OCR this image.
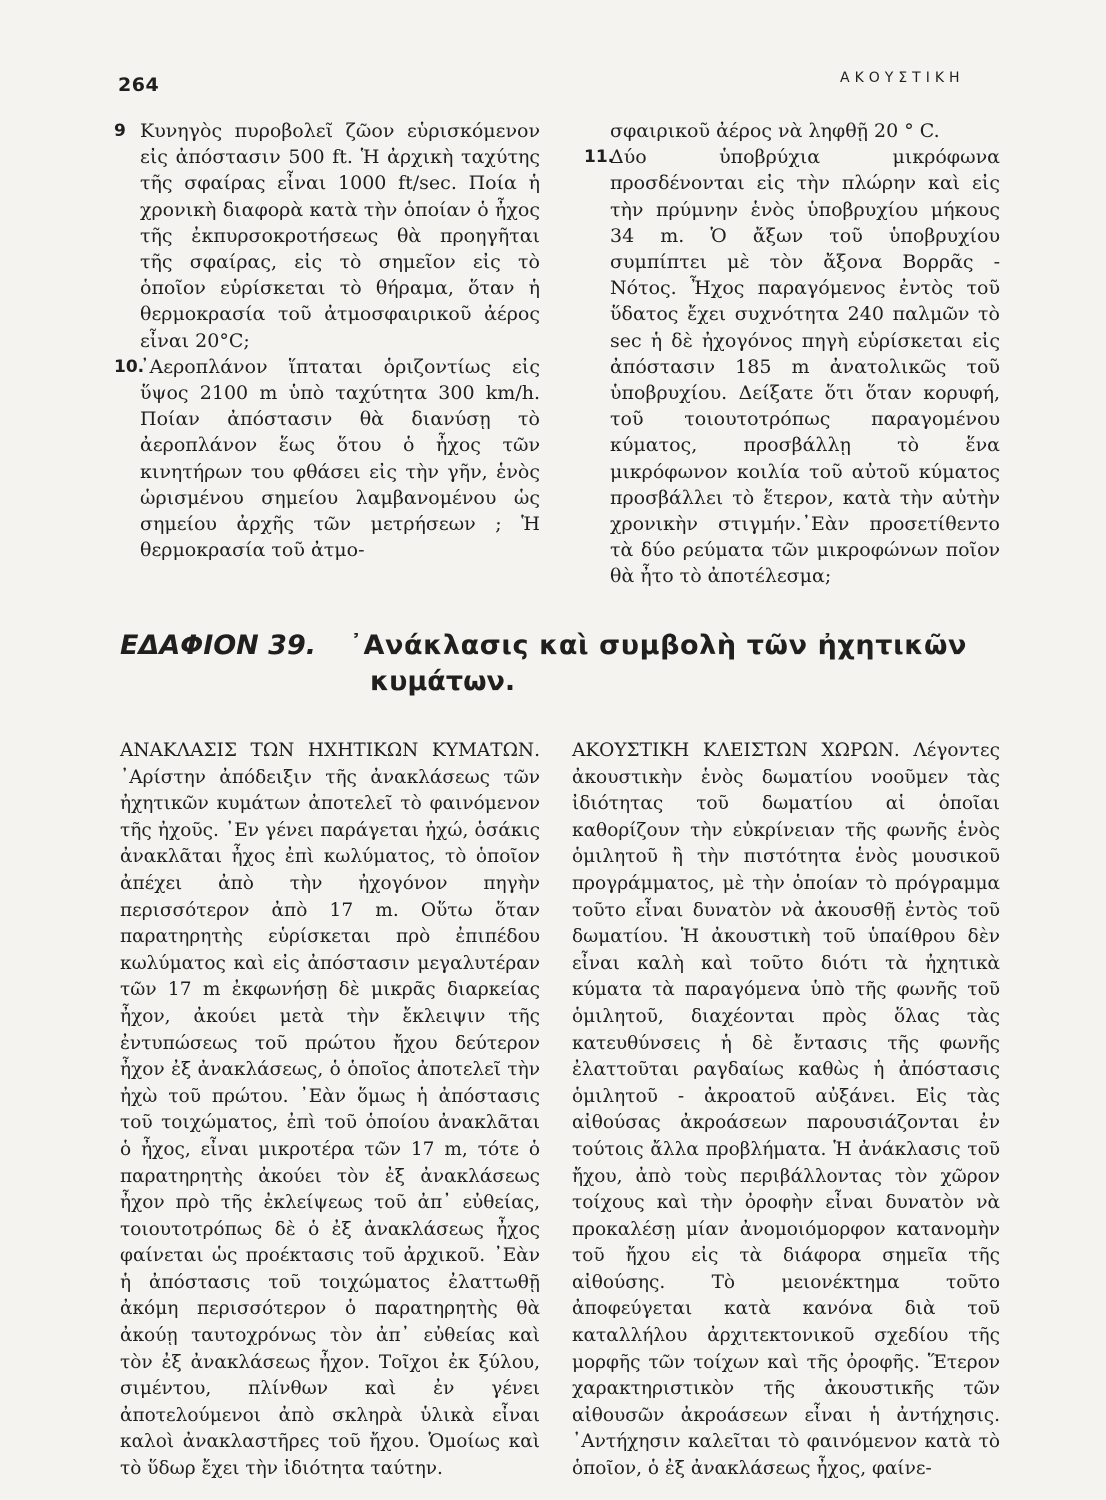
264	ΑΚΟΥΣΤΙΚΗ
9 Κυνηγὸς πυροβολεῖ ζῶον εὑρισκόμενον εἰς ἀπόστασιν 500 ft. Ἡ ἀρχικὴ ταχύτης τῆς σφαίρας εἶναι 1000 ft/sec. Ποία ἡ χρονικὴ διαφορὰ κατὰ τὴν ὁποίαν ὁ ἦχος τῆς ἐκπυρσοκροτήσεως θὰ προηγῆται τῆς σφαίρας, εἰς τὸ σημεῖον εἰς τὸ ὁποῖον εὑρίσκεται τὸ θήραμα, ὅταν ἡ θερμοκρασία τοῦ ἀτμοσφαιρικοῦ ἀέρος εἶναι 20°C;

10.

᾿Αεροπλάνον ἵπταται ὁριζοντίως εἰς ὕψος 2100 m ὑπὸ ταχύτητα 300 km/h. Ποίαν ἀπόστασιν θὰ διανύσῃ τὸ ἀεροπλάνον ἕως ὅτου ὁ ἦχος τῶν κινητήρων του φθάσει εἰς τὴν γῆν, ἑνὸς ὡρισμένου σημείου λαμβανομένου ὡς σημείου ἀρχῆς τῶν μετρήσεων ; Ἡ θερμοκρασία τοῦ ἀτμο-

σφαιρικοῦ ἀέρος νὰ ληφθῇ 20 ° C.

11.

Δύο ὑποβρύχια μικρόφωνα προσδένονται εἰς τὴν πλώρην καὶ εἰς τὴν πρύμνην ἑνὸς ὑποβρυχίου μήκους 34 m. Ὁ ἄξων τοῦ ὑποβρυχίου συμπίπτει μὲ τὸν ἄξονα Βορρᾶς - Νότος. Ἦχος παραγόμενος ἐντὸς τοῦ ὕδατος ἔχει συχνότητα 240 παλμῶν τὸ sec ἡ δὲ ἠχογόνος πηγὴ εὑρίσκεται εἰς ἀπόστασιν 185 m ἀνατολικῶς τοῦ ὑποβρυχίου. Δείξατε ὅτι ὅταν κορυφή, τοῦ τοιουτοτρόπως παραγομένου κύματος, προσβάλλῃ τὸ ἕνα μικρόφωνον κοιλία τοῦ αὐτοῦ κύματος προσβάλλει τὸ ἕτερον, κατὰ τὴν αὐτὴν χρονικὴν στιγμήν.᾿Εὰν προσετίθεντο τὰ δύο ρεύματα τῶν μικροφώνων ποῖον θὰ ἦτο τὸ ἀποτέλεσμα;

ΕΔΑΦΙΟΝ 39. ᾿Ανάκλασις καὶ συμβολὴ τῶν ἠχητικῶν
κυμάτων.

ΑΝΑΚΛΑΣΙΣ ΤΩΝ ΗΧΗΤΙΚΩΝ ΚΥΜΑΤΩΝ. ᾿Αρίστην ἀπόδειξιν τῆς ἀνακλάσεως τῶν ἠχητικῶν κυμάτων ἀποτελεῖ τὸ φαινόμενον τῆς ἠχοῦς. ᾿Εν γένει παράγεται ἠχώ, ὁσάκις ἀνακλᾶται ἦχος ἐπὶ κωλύματος, τὸ ὁποῖον ἀπέχει ἀπὸ τὴν ἠχογόνον πηγὴν περισσότερον ἀπὸ 17 m. Οὕτω ὅταν παρατηρητὴς εὑρίσκεται πρὸ ἐπιπέδου κωλύματος καὶ εἰς ἀπόστασιν μεγαλυτέραν τῶν 17 m ἐκφωνήσῃ δὲ μικρᾶς διαρκείας ἦχον, ἀκούει μετὰ τὴν ἔκλειψιν τῆς ἐντυπώσεως τοῦ πρώτου ἤχου δεύτερον ἦχον ἐξ ἀνακλάσεως, ὁ ὁποῖος ἀποτελεῖ τὴν ἠχὼ τοῦ πρώτου. ᾿Εὰν ὅμως ἡ ἀπόστασις τοῦ τοιχώματος, ἐπὶ τοῦ ὁποίου ἀνακλᾶται ὁ ἦχος, εἶναι μικροτέρα τῶν 17 m, τότε ὁ παρατηρητὴς ἀκούει τὸν ἐξ ἀνακλάσεως ἦχον πρὸ τῆς ἐκλείψεως τοῦ ἀπ᾿ εὐθείας, τοιουτοτρόπως δὲ ὁ ἐξ ἀνακλάσεως ἦχος φαίνεται ὡς προέκτασις τοῦ ἀρχικοῦ. ᾿Εὰν ἡ ἀπόστασις τοῦ τοιχώματος ἐλαττωθῇ ἀκόμη περισσότερον ὁ παρατηρητὴς θὰ ἀκούῃ ταυτοχρόνως τὸν ἀπ᾿ εὐθείας καὶ τὸν ἐξ ἀνακλάσεως ἦχον. Τοῖχοι ἐκ ξύλου, σιμέντου, πλίνθων καὶ ἐν γένει ἀποτελούμενοι ἀπὸ σκληρὰ ὑλικὰ εἶναι καλοὶ ἀνακλαστῆρες τοῦ ἤχου. Ὁμοίως καὶ τὸ ὕδωρ ἔχει τὴν ἰδιότητα ταύτην.

ΑΚΟΥΣΤΙΚΗ ΚΛΕΙΣΤΩΝ ΧΩΡΩΝ. Λέγοντες ἀκουστικὴν ἑνὸς δωματίου νοοῦμεν τὰς ἰδιότητας τοῦ δωματίου αἱ ὁποῖαι καθορίζουν τὴν εὐκρίνειαν τῆς φωνῆς ἑνὸς ὁμιλητοῦ ἢ τὴν πιστότητα ἑνὸς μουσικοῦ προγράμματος, μὲ τὴν ὁποίαν τὸ πρόγραμμα τοῦτο εἶναι δυνατὸν νὰ ἀκουσθῇ ἐντὸς τοῦ δωματίου. Ἡ ἀκουστικὴ τοῦ ὑπαίθρου δὲν εἶναι καλὴ καὶ τοῦτο διότι τὰ ἠχητικὰ κύματα τὰ παραγόμενα ὑπὸ τῆς φωνῆς τοῦ ὁμιλητοῦ, διαχέονται πρὸς ὅλας τὰς κατευθύνσεις ἡ δὲ ἔντασις τῆς φωνῆς ἐλαττοῦται ραγδαίως καθὼς ἡ ἀπόστασις ὁμιλητοῦ - ἀκροατοῦ αὐξάνει. Εἰς τὰς αἰθούσας ἀκροάσεων παρουσιάζονται ἐν τούτοις ἄλλα προβλήματα. Ἡ ἀνάκλασις τοῦ ἤχου, ἀπὸ τοὺς περιβάλλοντας τὸν χῶρον τοίχους καὶ τὴν ὀροφὴν εἶναι δυνατὸν νὰ προκαλέσῃ μίαν ἀνομοιόμορφον κατανομὴν τοῦ ἤχου εἰς τὰ διάφορα σημεῖα τῆς αἰθούσης. Τὸ μειονέκτημα τοῦτο ἀποφεύγεται κατὰ κανόνα διὰ τοῦ καταλλήλου ἀρχιτεκτονικοῦ σχεδίου τῆς μορφῆς τῶν τοίχων καὶ τῆς ὀροφῆς. Ἕτερον χαρακτηριστικὸν τῆς ἀκουστικῆς τῶν αἰθουσῶν ἀκροάσεων εἶναι ἡ ἀντήχησις. ᾿Αντήχησιν καλεῖται τὸ φαινόμενον κατὰ τὸ ὁποῖον, ὁ ἐξ ἀνακλάσεως ἦχος, φαίνε-
